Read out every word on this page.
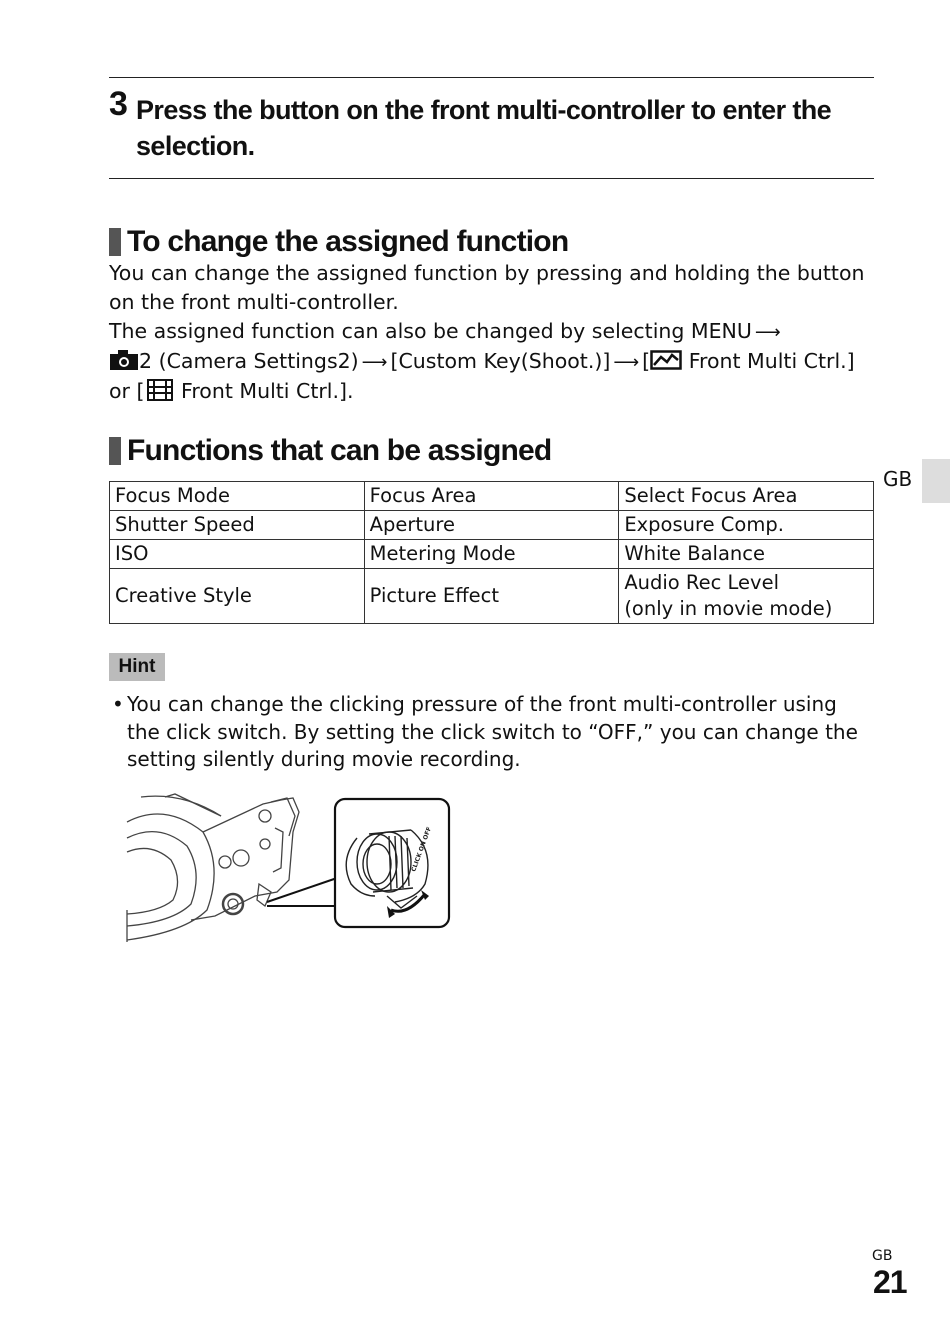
3 Press the button on the front multi-controller to enter the selection.
To change the assigned function

You can change the assigned function by pressing and holding the button on the front multi-controller.

The assigned function can also be changed by selecting MENU ⟶
2 (Camera Settings2) ⟶ [Custom Key(Shoot.)] ⟶ [ Front Multi Ctrl.]
or [ Front Multi Ctrl.].

Functions that can be assigned
GB
Focus Mode	Focus Area	Select Focus Area
Shutter Speed	Aperture	Exposure Comp.
ISO	Metering Mode	White Balance
Creative Style	Picture Effect	Audio Rec Level
(only in movie mode)
Hint
• You can change the clicking pressure of the front multi-controller using the click switch. By setting the click switch to “OFF,” you can change the setting silently during movie recording.
CLICK ON OFF
GB
21
